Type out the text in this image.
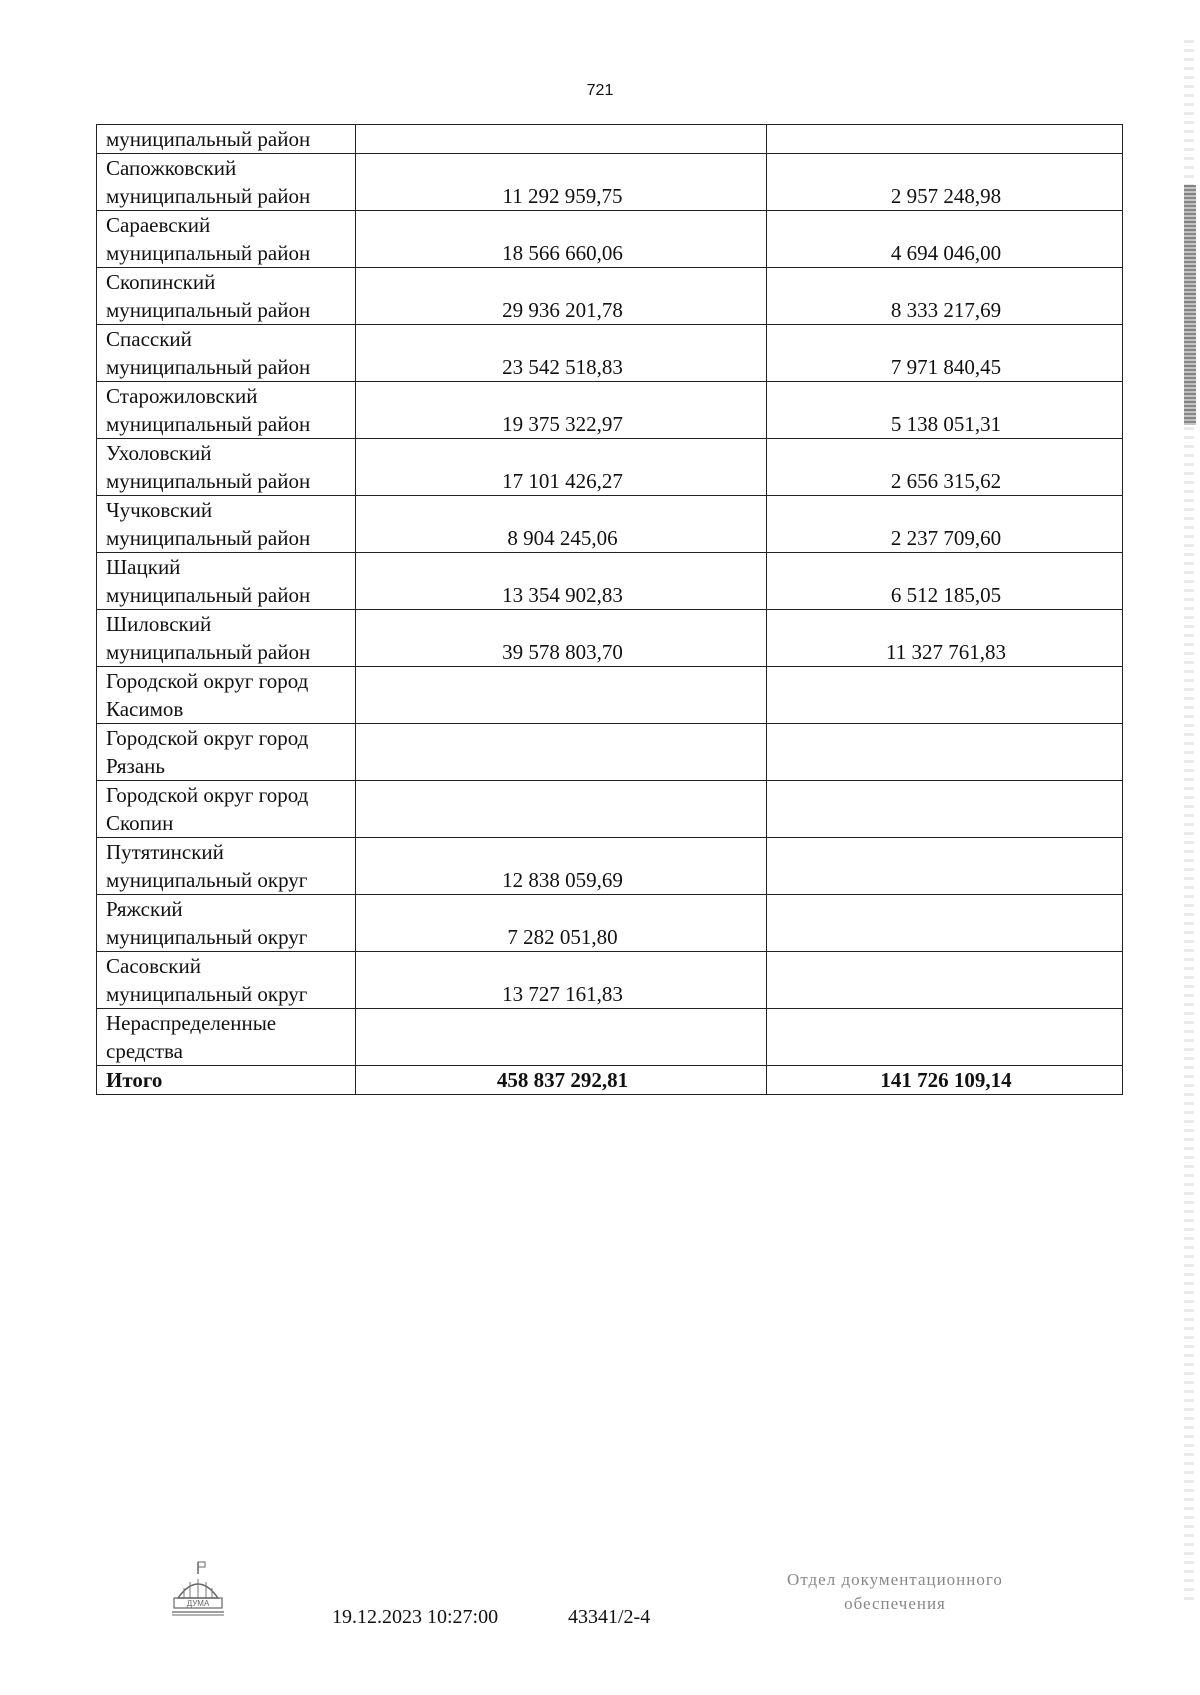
721
муниципальный район		

Сапожковский
муниципальный район	11 292 959,75	2 957 248,98

Сараевский
муниципальный район	18 566 660,06	4 694 046,00

Скопинский
муниципальный район	29 936 201,78	8 333 217,69

Спасский
муниципальный район	23 542 518,83	7 971 840,45

Старожиловский
муниципальный район	19 375 322,97	5 138 051,31

Ухоловский
муниципальный район	17 101 426,27	2 656 315,62

Чучковский
муниципальный район	8 904 245,06	2 237 709,60

Шацкий
муниципальный район	13 354 902,83	6 512 185,05

Шиловский
муниципальный район	39 578 803,70	11 327 761,83

Городской округ город
Касимов		

Городской округ город
Рязань		

Городской округ город
Скопин		

Путятинский
муниципальный округ	12 838 059,69	

Ряжский
муниципальный округ	7 282 051,80	

Сасовский
муниципальный округ	13 727 161,83	

Нераспределенные
средства		

Итого	458 837 292,81	141 726 109,14
ДУМА
19.12.2023 10:27:00	43341/2-4
Отдел документационного
обеспечения
